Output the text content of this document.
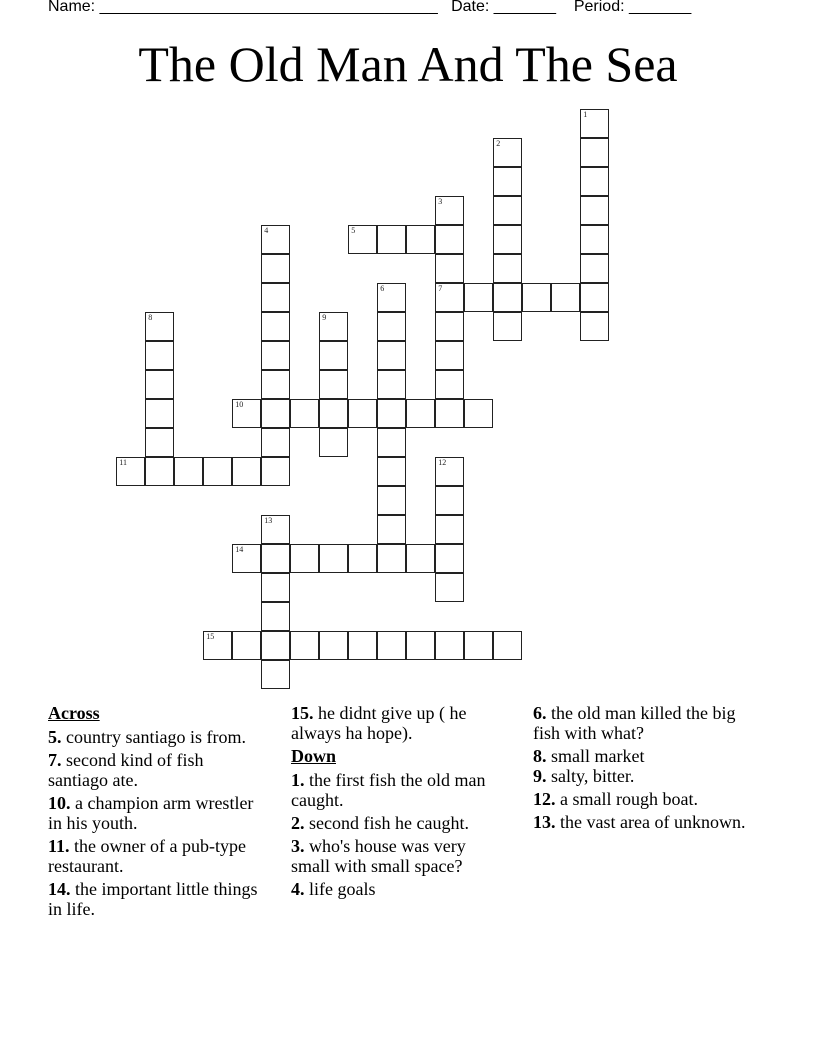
Name: ______________________________________ Date: _______ Period: _______
The Old Man And The Sea
1
2
3
7
4	5
6
8	9
10
11	12
13
14
15
Across
5. country santiago is from.
7. second kind of fish santiago ate.
10. a champion arm wrestler in his youth.
11. the owner of a pub-type restaurant.
14. the important little things in life.
15. he didnt give up ( he always ha hope).
Down
1. the first fish the old man caught.
2. second fish he caught.
3. who's house was very small with small space?
4. life goals
6. the old man killed the big fish with what?
8. small market
9. salty, bitter.
12. a small rough boat.
13. the vast area of unknown.
